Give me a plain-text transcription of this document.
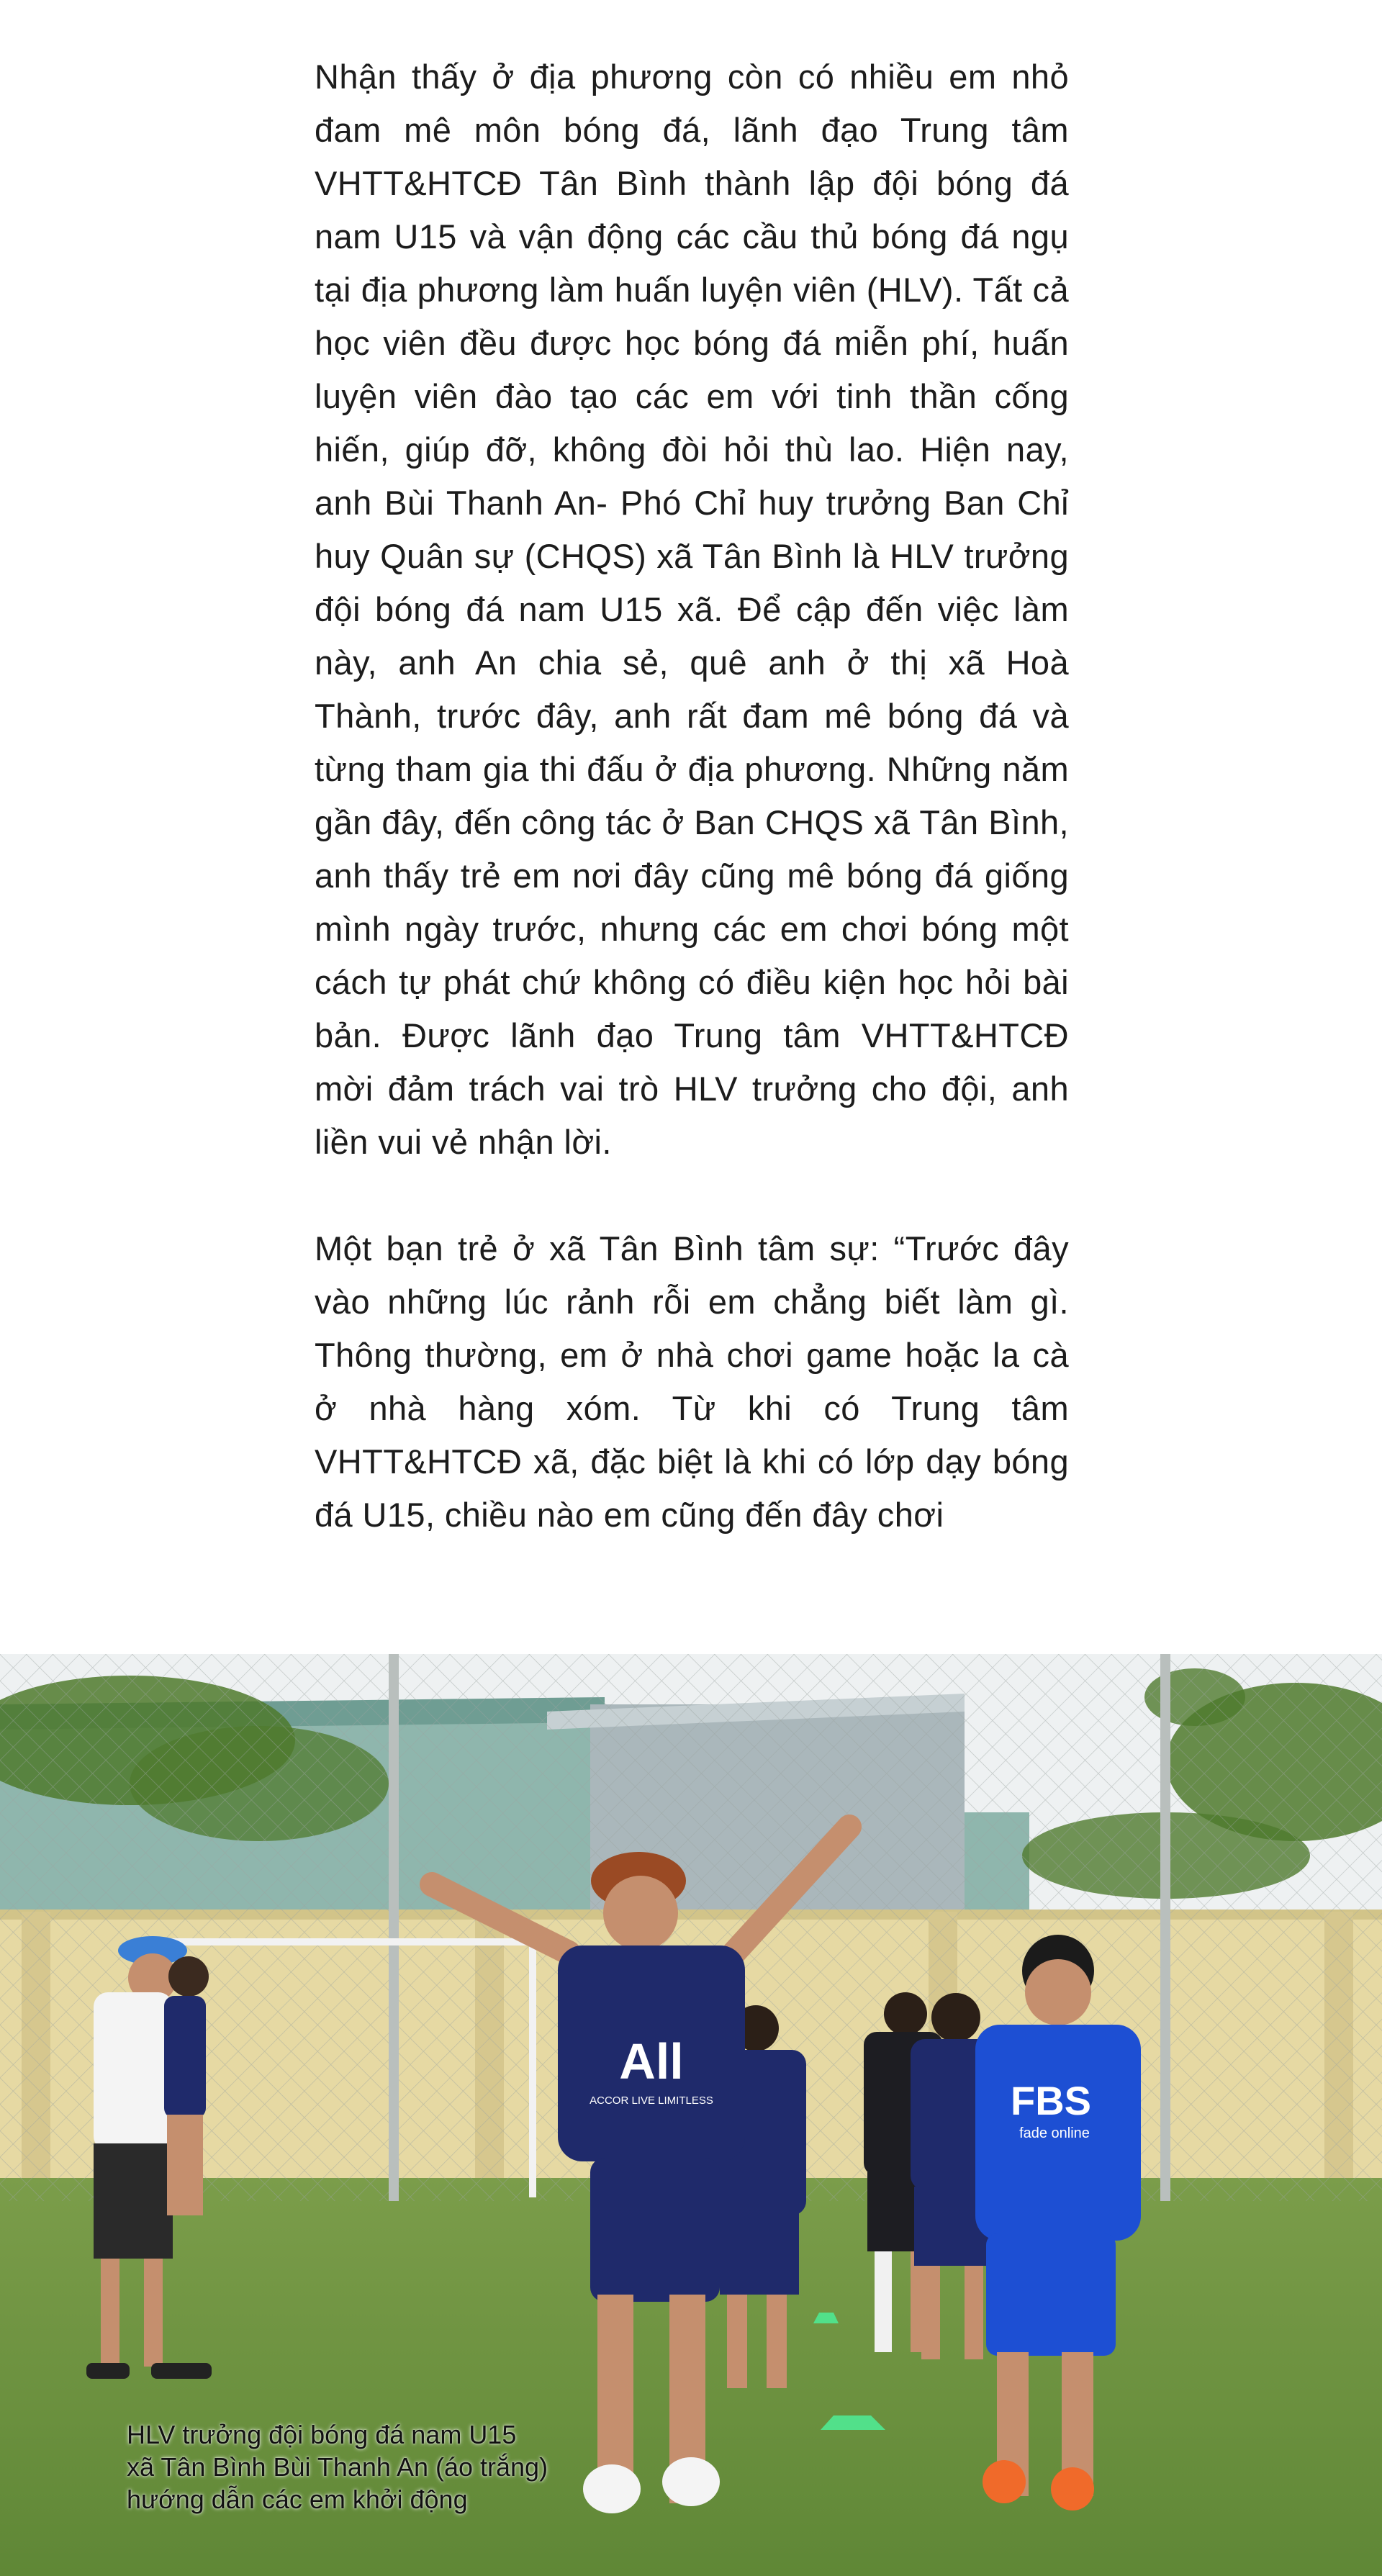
Nhận thấy ở địa phương còn có nhiều em nhỏ đam mê môn bóng đá, lãnh đạo Trung tâm VHTT&HTCĐ Tân Bình thành lập đội bóng đá nam U15 và vận động các cầu thủ bóng đá ngụ tại địa phương làm huấn luyện viên (HLV). Tất cả học viên đều được học bóng đá miễn phí, huấn luyện viên đào tạo các em với tinh thần cống hiến, giúp đỡ, không đòi hỏi thù lao. Hiện nay, anh Bùi Thanh An- Phó Chỉ huy trưởng Ban Chỉ huy Quân sự (CHQS) xã Tân Bình là HLV trưởng đội bóng đá nam U15 xã. Để cập đến việc làm này, anh An chia sẻ, quê anh ở thị xã Hoà Thành, trước đây, anh rất đam mê bóng đá và từng tham gia thi đấu ở địa phương. Những năm gần đây, đến công tác ở Ban CHQS xã Tân Bình, anh thấy trẻ em nơi đây cũng mê bóng đá giống mình ngày trước, nhưng các em chơi bóng một cách tự phát chứ không có điều kiện học hỏi bài bản. Được lãnh đạo Trung tâm VHTT&HTCĐ mời đảm trách vai trò HLV trưởng cho đội, anh liền vui vẻ nhận lời.

Một bạn trẻ ở xã Tân Bình tâm sự: “Trước đây vào những lúc rảnh rỗi em chẳng biết làm gì. Thông thường, em ở nhà chơi game hoặc la cà ở nhà hàng xóm. Từ khi có Trung tâm VHTT&HTCĐ xã, đặc biệt là khi có lớp dạy bóng đá U15, chiều nào em cũng đến đây chơi

All
ACCOR LIVE LIMITLESS	FBS
fade online
HLV trưởng đội bóng đá nam U15
xã Tân Bình Bùi Thanh An (áo trắng)
hướng dẫn các em khởi động
